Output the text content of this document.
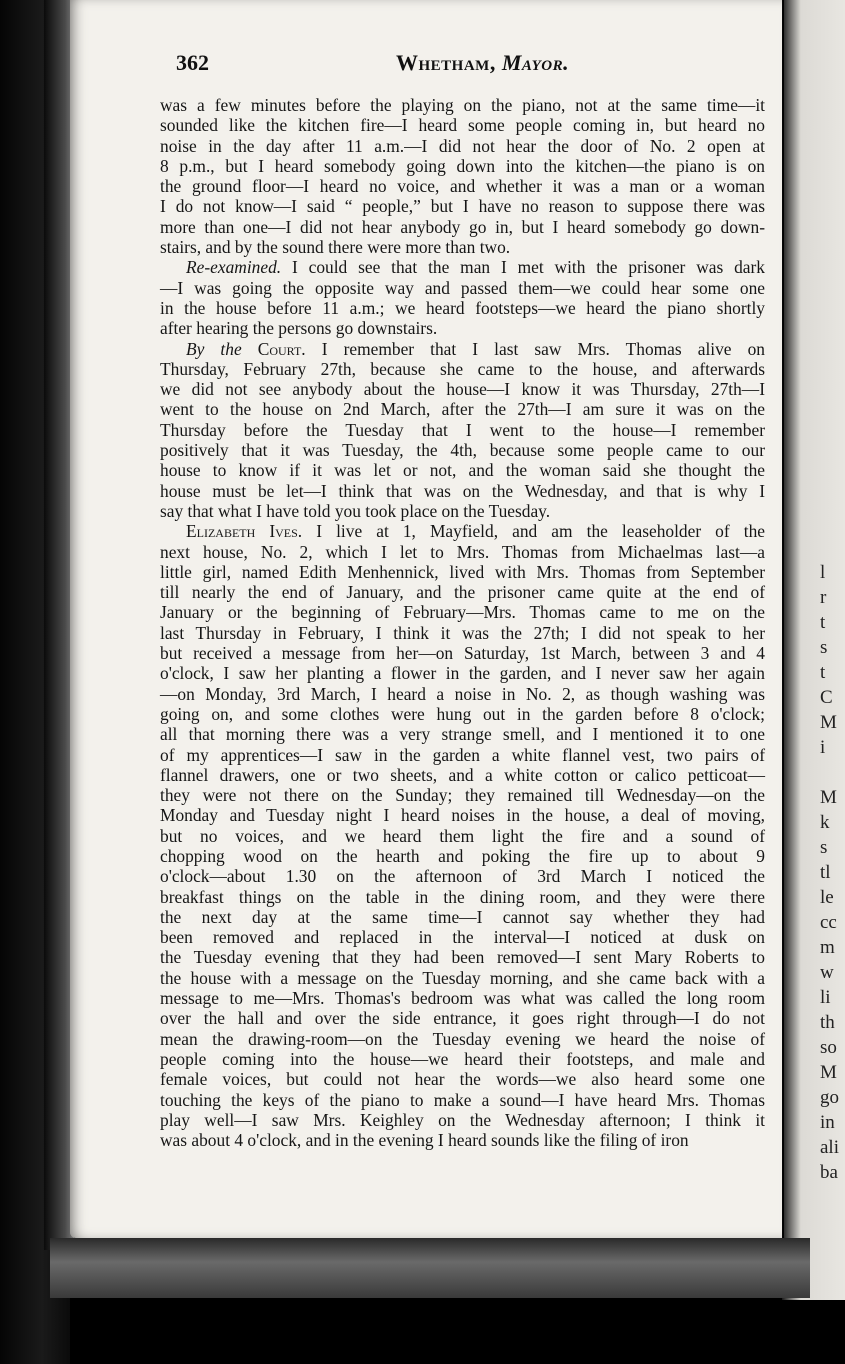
l
r
t
s
t
C
M
i
M
k
s
tl
le
cc
m
w
li
th
so
M
go
in
ali
ba
362	Whetham, Mayor.
was a few minutes before the playing on the piano, not at the same time—it
sounded like the kitchen fire—I heard some people coming in, but heard no
noise in the day after 11 a.m.—I did not hear the door of No. 2 open at
8 p.m., but I heard somebody going down into the kitchen—the piano is on
the ground floor—I heard no voice, and whether it was a man or a woman
I do not know—I said “ people,” but I have no reason to suppose there was
more than one—I did not hear anybody go in, but I heard somebody go down-
stairs, and by the sound there were more than two.
Re-examined. I could see that the man I met with the prisoner was dark
—I was going the opposite way and passed them—we could hear some one
in the house before 11 a.m.; we heard footsteps—we heard the piano shortly
after hearing the persons go downstairs.
By the Court. I remember that I last saw Mrs. Thomas alive on
Thursday, February 27th, because she came to the house, and afterwards
we did not see anybody about the house—I know it was Thursday, 27th—I
went to the house on 2nd March, after the 27th—I am sure it was on the
Thursday before the Tuesday that I went to the house—I remember
positively that it was Tuesday, the 4th, because some people came to our
house to know if it was let or not, and the woman said she thought the
house must be let—I think that was on the Wednesday, and that is why I
say that what I have told you took place on the Tuesday.
Elizabeth Ives. I live at 1, Mayfield, and am the leaseholder of the
next house, No. 2, which I let to Mrs. Thomas from Michaelmas last—a
little girl, named Edith Menhennick, lived with Mrs. Thomas from September
till nearly the end of January, and the prisoner came quite at the end of
January or the beginning of February—Mrs. Thomas came to me on the
last Thursday in February, I think it was the 27th; I did not speak to her
but received a message from her—on Saturday, 1st March, between 3 and 4
o'clock, I saw her planting a flower in the garden, and I never saw her again
—on Monday, 3rd March, I heard a noise in No. 2, as though washing was
going on, and some clothes were hung out in the garden before 8 o'clock;
all that morning there was a very strange smell, and I mentioned it to one
of my apprentices—I saw in the garden a white flannel vest, two pairs of
flannel drawers, one or two sheets, and a white cotton or calico petticoat—
they were not there on the Sunday; they remained till Wednesday—on the
Monday and Tuesday night I heard noises in the house, a deal of moving,
but no voices, and we heard them light the fire and a sound of
chopping wood on the hearth and poking the fire up to about 9
o'clock—about 1.30 on the afternoon of 3rd March I noticed the
breakfast things on the table in the dining room, and they were there
the next day at the same time—I cannot say whether they had
been removed and replaced in the interval—I noticed at dusk on
the Tuesday evening that they had been removed—I sent Mary Roberts to
the house with a message on the Tuesday morning, and she came back with a
message to me—Mrs. Thomas's bedroom was what was called the long room
over the hall and over the side entrance, it goes right through—I do not
mean the drawing-room—on the Tuesday evening we heard the noise of
people coming into the house—we heard their footsteps, and male and
female voices, but could not hear the words—we also heard some one
touching the keys of the piano to make a sound—I have heard Mrs. Thomas
play well—I saw Mrs. Keighley on the Wednesday afternoon; I think it
was about 4 o'clock, and in the evening I heard sounds like the filing of iron
